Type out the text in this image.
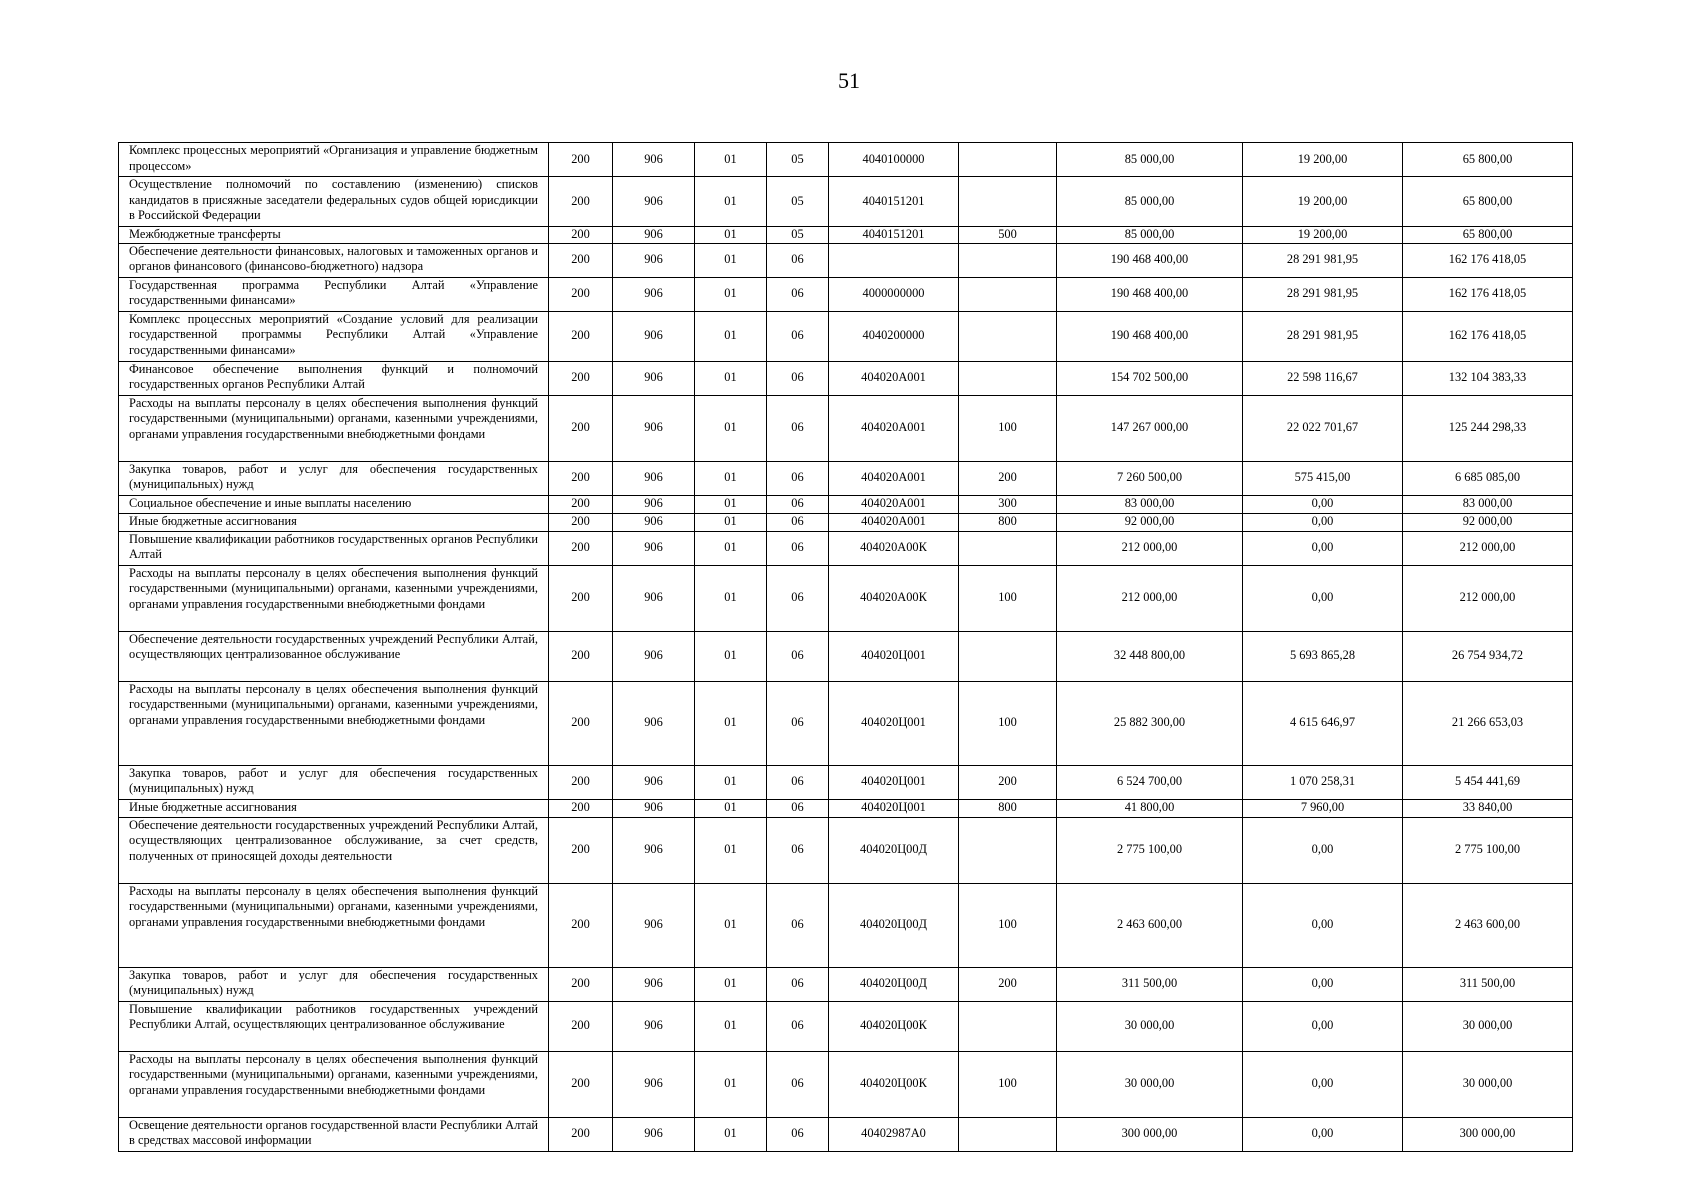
51
Комплекс процессных мероприятий «Организация и управление бюджетным процессом»	200	906	01	05	4040100000		85 000,00	19 200,00	65 800,00
Осуществление полномочий по составлению (изменению) списков кандидатов в присяжные заседатели федеральных судов общей юрисдикции в Российской Федерации	200	906	01	05	4040151201		85 000,00	19 200,00	65 800,00
Межбюджетные трансферты	200	906	01	05	4040151201	500	85 000,00	19 200,00	65 800,00
Обеспечение деятельности финансовых, налоговых и таможенных органов и органов финансового (финансово-бюджетного) надзора	200	906	01	06			190 468 400,00	28 291 981,95	162 176 418,05
Государственная программа Республики Алтай «Управление государственными финансами»	200	906	01	06	4000000000		190 468 400,00	28 291 981,95	162 176 418,05
Комплекс процессных мероприятий «Создание условий для реализации государственной программы Республики Алтай «Управление государственными финансами»	200	906	01	06	4040200000		190 468 400,00	28 291 981,95	162 176 418,05
Финансовое обеспечение выполнения функций и полномочий государственных органов Республики Алтай	200	906	01	06	404020А001		154 702 500,00	22 598 116,67	132 104 383,33
Расходы на выплаты персоналу в целях обеспечения выполнения функций государственными (муниципальными) органами, казенными учреждениями, органами управления государственными внебюджетными фондами	200	906	01	06	404020А001	100	147 267 000,00	22 022 701,67	125 244 298,33
Закупка товаров, работ и услуг для обеспечения государственных (муниципальных) нужд	200	906	01	06	404020А001	200	7 260 500,00	575 415,00	6 685 085,00
Социальное обеспечение и иные выплаты населению	200	906	01	06	404020А001	300	83 000,00	0,00	83 000,00
Иные бюджетные ассигнования	200	906	01	06	404020А001	800	92 000,00	0,00	92 000,00
Повышение квалификации работников государственных органов Республики Алтай	200	906	01	06	404020А00К		212 000,00	0,00	212 000,00
Расходы на выплаты персоналу в целях обеспечения выполнения функций государственными (муниципальными) органами, казенными учреждениями, органами управления государственными внебюджетными фондами	200	906	01	06	404020А00К	100	212 000,00	0,00	212 000,00
Обеспечение деятельности государственных учреждений Республики Алтай, осуществляющих централизованное обслуживание	200	906	01	06	404020Ц001		32 448 800,00	5 693 865,28	26 754 934,72
Расходы на выплаты персоналу в целях обеспечения выполнения функций государственными (муниципальными) органами, казенными учреждениями, органами управления государственными внебюджетными фондами	200	906	01	06	404020Ц001	100	25 882 300,00	4 615 646,97	21 266 653,03
Закупка товаров, работ и услуг для обеспечения государственных (муниципальных) нужд	200	906	01	06	404020Ц001	200	6 524 700,00	1 070 258,31	5 454 441,69
Иные бюджетные ассигнования	200	906	01	06	404020Ц001	800	41 800,00	7 960,00	33 840,00
Обеспечение деятельности государственных учреждений Республики Алтай, осуществляющих централизованное обслуживание, за счет средств, полученных от приносящей доходы деятельности	200	906	01	06	404020Ц00Д		2 775 100,00	0,00	2 775 100,00
Расходы на выплаты персоналу в целях обеспечения выполнения функций государственными (муниципальными) органами, казенными учреждениями, органами управления государственными внебюджетными фондами	200	906	01	06	404020Ц00Д	100	2 463 600,00	0,00	2 463 600,00
Закупка товаров, работ и услуг для обеспечения государственных (муниципальных) нужд	200	906	01	06	404020Ц00Д	200	311 500,00	0,00	311 500,00
Повышение квалификации работников государственных учреждений Республики Алтай, осуществляющих централизованное обслуживание	200	906	01	06	404020Ц00К		30 000,00	0,00	30 000,00
Расходы на выплаты персоналу в целях обеспечения выполнения функций государственными (муниципальными) органами, казенными учреждениями, органами управления государственными внебюджетными фондами	200	906	01	06	404020Ц00К	100	30 000,00	0,00	30 000,00
Освещение деятельности органов государственной власти Республики Алтай в средствах массовой информации	200	906	01	06	40402987А0		300 000,00	0,00	300 000,00
